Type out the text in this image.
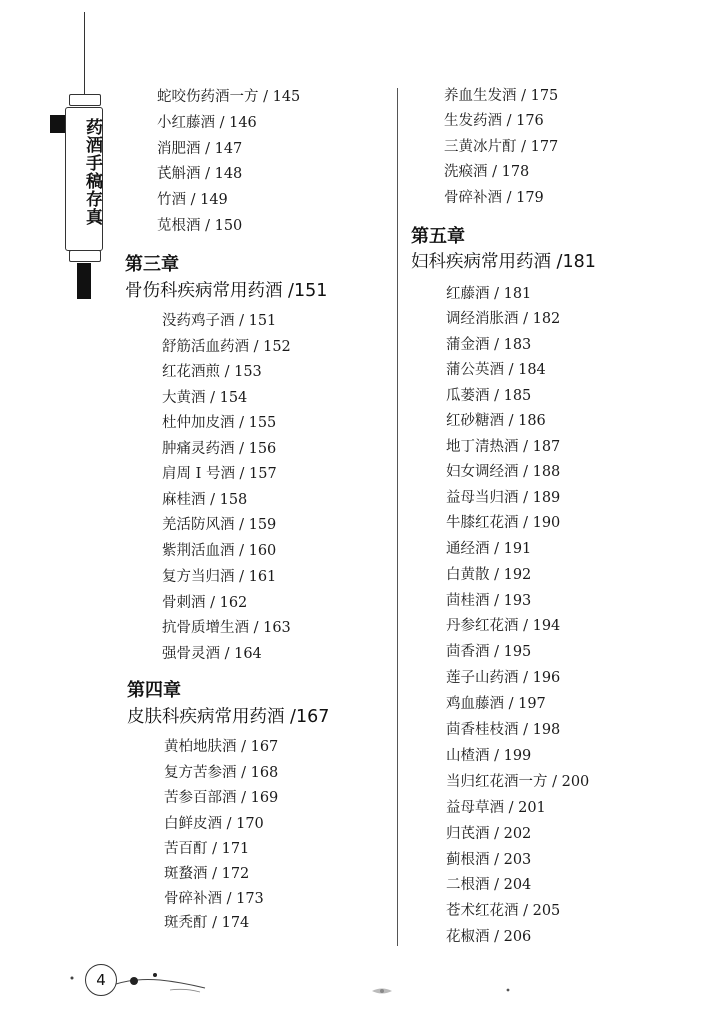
药酒手稿存真
蛇咬伤药酒一方 / 145
小红藤酒 / 146
消肥酒 / 147
芪斛酒 / 148
竹酒 / 149
苋根酒 / 150
第三章
骨伤科疾病常用药酒 /151
没药鸡子酒 / 151
舒筋活血药酒 / 152
红花酒煎 / 153
大黄酒 / 154
杜仲加皮酒 / 155
肿痛灵药酒 / 156
肩周 I 号酒 / 157
麻桂酒 / 158
羌活防风酒 / 159
紫荆活血酒 / 160
复方当归酒 / 161
骨刺酒 / 162
抗骨质增生酒 / 163
强骨灵酒 / 164
第四章
皮肤科疾病常用药酒 /167
黄柏地肤酒 / 167
复方苦参酒 / 168
苦参百部酒 / 169
白鲜皮酒 / 170
苦百酊 / 171
斑蝥酒 / 172
骨碎补酒 / 173
斑秃酊 / 174
养血生发酒 / 175
生发药酒 / 176
三黄冰片酊 / 177
洗瘊酒 / 178
骨碎补酒 / 179
第五章
妇科疾病常用药酒 /181
红藤酒 / 181
调经消胀酒 / 182
蒲金酒 / 183
蒲公英酒 / 184
瓜蒌酒 / 185
红砂糖酒 / 186
地丁清热酒 / 187
妇女调经酒 / 188
益母当归酒 / 189
牛膝红花酒 / 190
通经酒 / 191
白黄散 / 192
茴桂酒 / 193
丹参红花酒 / 194
茴香酒 / 195
莲子山药酒 / 196
鸡血藤酒 / 197
茴香桂枝酒 / 198
山楂酒 / 199
当归红花酒一方 / 200
益母草酒 / 201
归芪酒 / 202
蓟根酒 / 203
二根酒 / 204
苍术红花酒 / 205
花椒酒 / 206
4
